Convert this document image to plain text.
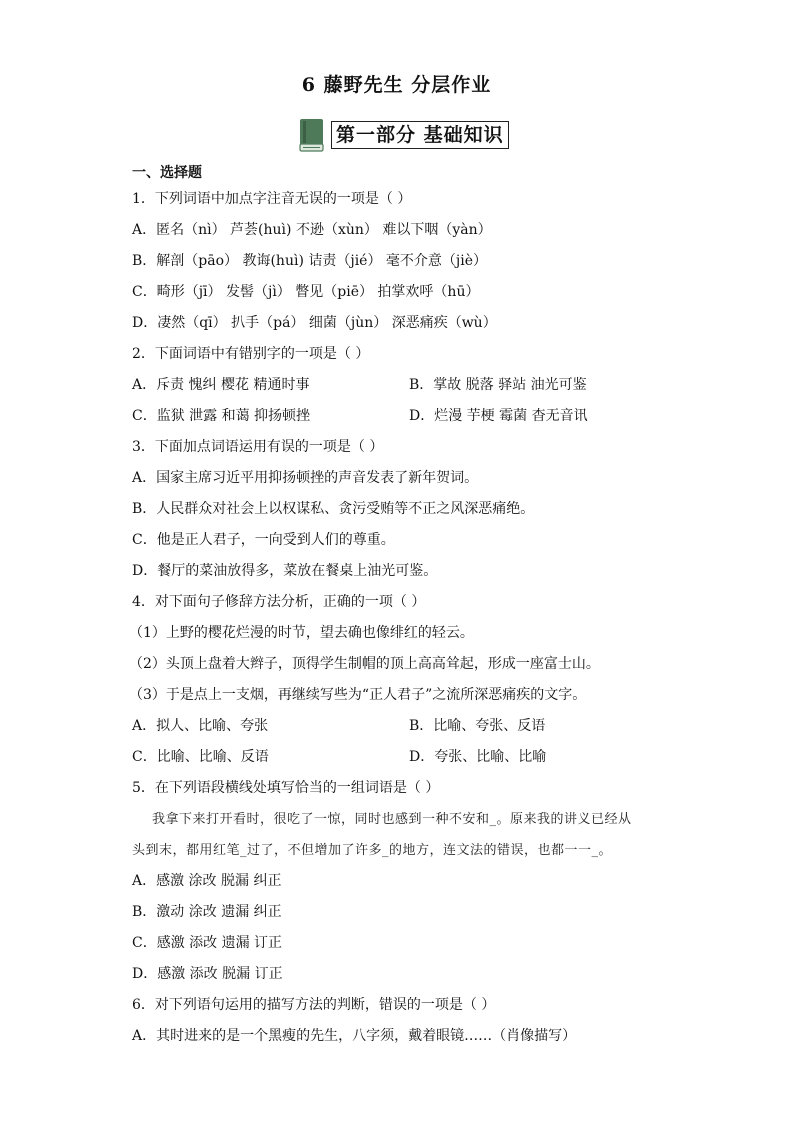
6 藤野先生 分层作业
第一部分 基础知识
一、选择题
1．下列词语中加点字注音无误的一项是（ ）
A．匿名（nì） 芦荟(huì) 不逊（xùn） 难以下咽（yàn）
B．解剖（pāo） 教诲(huì) 诘责（jié） 毫不介意（jiè）
C．畸形（jī） 发髻（jì） 瞥见（piē） 拍掌欢呼（hū）
D．凄然（qī） 扒手（pá） 细菌（jùn） 深恶痛疾（wù）
2．下面词语中有错别字的一项是（ ）
A．斥责 愧纠 樱花 精通时事	B．掌故 脱落 驿站 油光可鉴
C．监狱 泄露 和蔼 抑扬顿挫	D．烂漫 芋梗 霉菌 杳无音讯
3．下面加点词语运用有误的一项是（ ）
A．国家主席习近平用抑扬顿挫的声音发表了新年贺词。
B．人民群众对社会上以权谋私、贪污受贿等不正之风深恶痛绝。
C．他是正人君子，一向受到人们的尊重。
D．餐厅的菜油放得多，菜放在餐桌上油光可鉴。
4．对下面句子修辞方法分析，正确的一项（ ）
（1）上野的樱花烂漫的时节，望去确也像绯红的轻云。
（2）头顶上盘着大辫子，顶得学生制帽的顶上高高耸起，形成一座富士山。
（3）于是点上一支烟，再继续写些为“正人君子”之流所深恶痛疾的文字。
A．拟人、比喻、夸张	B．比喻、夸张、反语
C．比喻、比喻、反语	D．夸张、比喻、比喻
5．在下列语段横线处填写恰当的一组词语是（ ）
我拿下来打开看时，很吃了一惊，同时也感到一种不安和_。原来我的讲义已经从
头到末，都用红笔_过了，不但增加了许多_的地方，连文法的错误，也都一一_。
A．感激 涂改 脱漏 纠正
B．激动 涂改 遗漏 纠正
C．感激 添改 遗漏 订正
D．感激 添改 脱漏 订正
6．对下列语句运用的描写方法的判断，错误的一项是（ ）
A．其时进来的是一个黑瘦的先生，八字须，戴着眼镜……（肖像描写）
